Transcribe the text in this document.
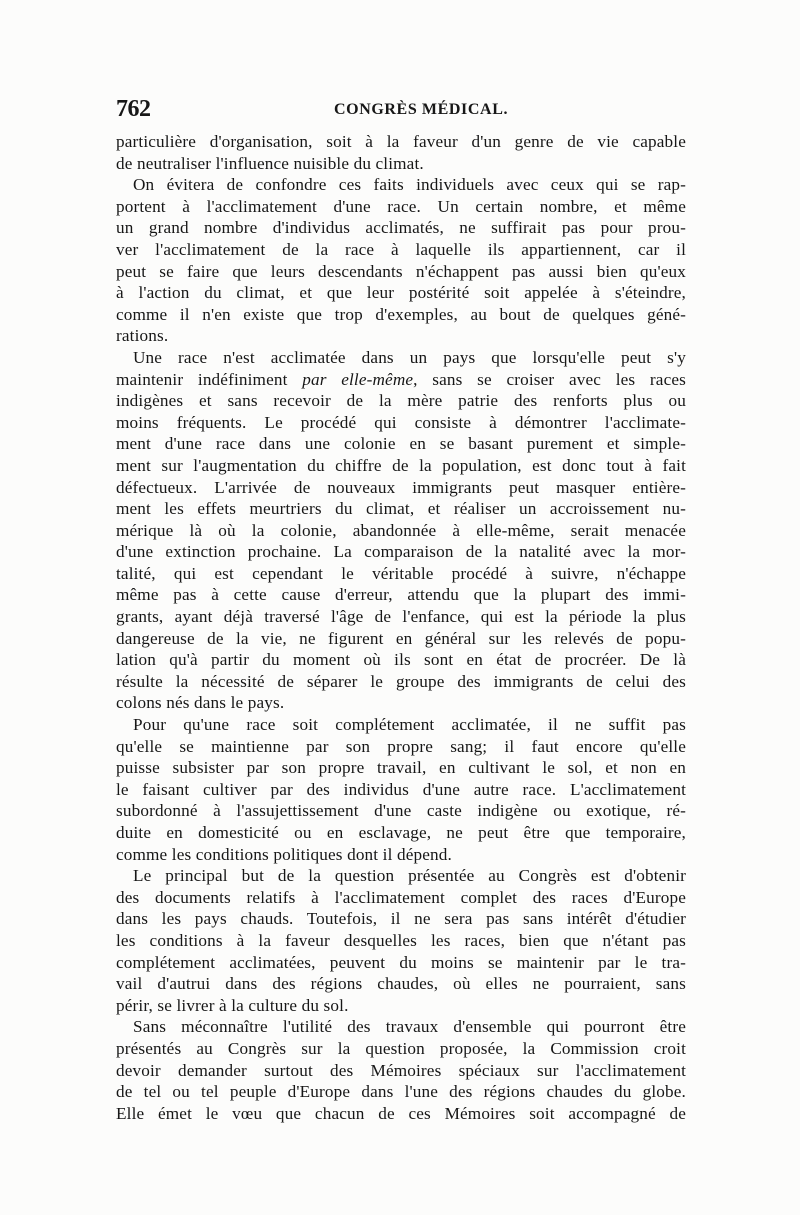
762	CONGRÈS MÉDICAL.
particulière d'organisation, soit à la faveur d'un genre de vie capable
de neutraliser l'influence nuisible du climat.
On évitera de confondre ces faits individuels avec ceux qui se rap-
portent à l'acclimatement d'une race. Un certain nombre, et même
un grand nombre d'individus acclimatés, ne suffirait pas pour prou-
ver l'acclimatement de la race à laquelle ils appartiennent, car il
peut se faire que leurs descendants n'échappent pas aussi bien qu'eux
à l'action du climat, et que leur postérité soit appelée à s'éteindre,
comme il n'en existe que trop d'exemples, au bout de quelques géné-
rations.
Une race n'est acclimatée dans un pays que lorsqu'elle peut s'y
maintenir indéfiniment par elle-même, sans se croiser avec les races
indigènes et sans recevoir de la mère patrie des renforts plus ou
moins fréquents. Le procédé qui consiste à démontrer l'acclimate-
ment d'une race dans une colonie en se basant purement et simple-
ment sur l'augmentation du chiffre de la population, est donc tout à fait
défectueux. L'arrivée de nouveaux immigrants peut masquer entière-
ment les effets meurtriers du climat, et réaliser un accroissement nu-
mérique là où la colonie, abandonnée à elle-même, serait menacée
d'une extinction prochaine. La comparaison de la natalité avec la mor-
talité, qui est cependant le véritable procédé à suivre, n'échappe
même pas à cette cause d'erreur, attendu que la plupart des immi-
grants, ayant déjà traversé l'âge de l'enfance, qui est la période la plus
dangereuse de la vie, ne figurent en général sur les relevés de popu-
lation qu'à partir du moment où ils sont en état de procréer. De là
résulte la nécessité de séparer le groupe des immigrants de celui des
colons nés dans le pays.
Pour qu'une race soit complétement acclimatée, il ne suffit pas
qu'elle se maintienne par son propre sang; il faut encore qu'elle
puisse subsister par son propre travail, en cultivant le sol, et non en
le faisant cultiver par des individus d'une autre race. L'acclimatement
subordonné à l'assujettissement d'une caste indigène ou exotique, ré-
duite en domesticité ou en esclavage, ne peut être que temporaire,
comme les conditions politiques dont il dépend.
Le principal but de la question présentée au Congrès est d'obtenir
des documents relatifs à l'acclimatement complet des races d'Europe
dans les pays chauds. Toutefois, il ne sera pas sans intérêt d'étudier
les conditions à la faveur desquelles les races, bien que n'étant pas
complétement acclimatées, peuvent du moins se maintenir par le tra-
vail d'autrui dans des régions chaudes, où elles ne pourraient, sans
périr, se livrer à la culture du sol.
Sans méconnaître l'utilité des travaux d'ensemble qui pourront être
présentés au Congrès sur la question proposée, la Commission croit
devoir demander surtout des Mémoires spéciaux sur l'acclimatement
de tel ou tel peuple d'Europe dans l'une des régions chaudes du globe.
Elle émet le vœu que chacun de ces Mémoires soit accompagné de
